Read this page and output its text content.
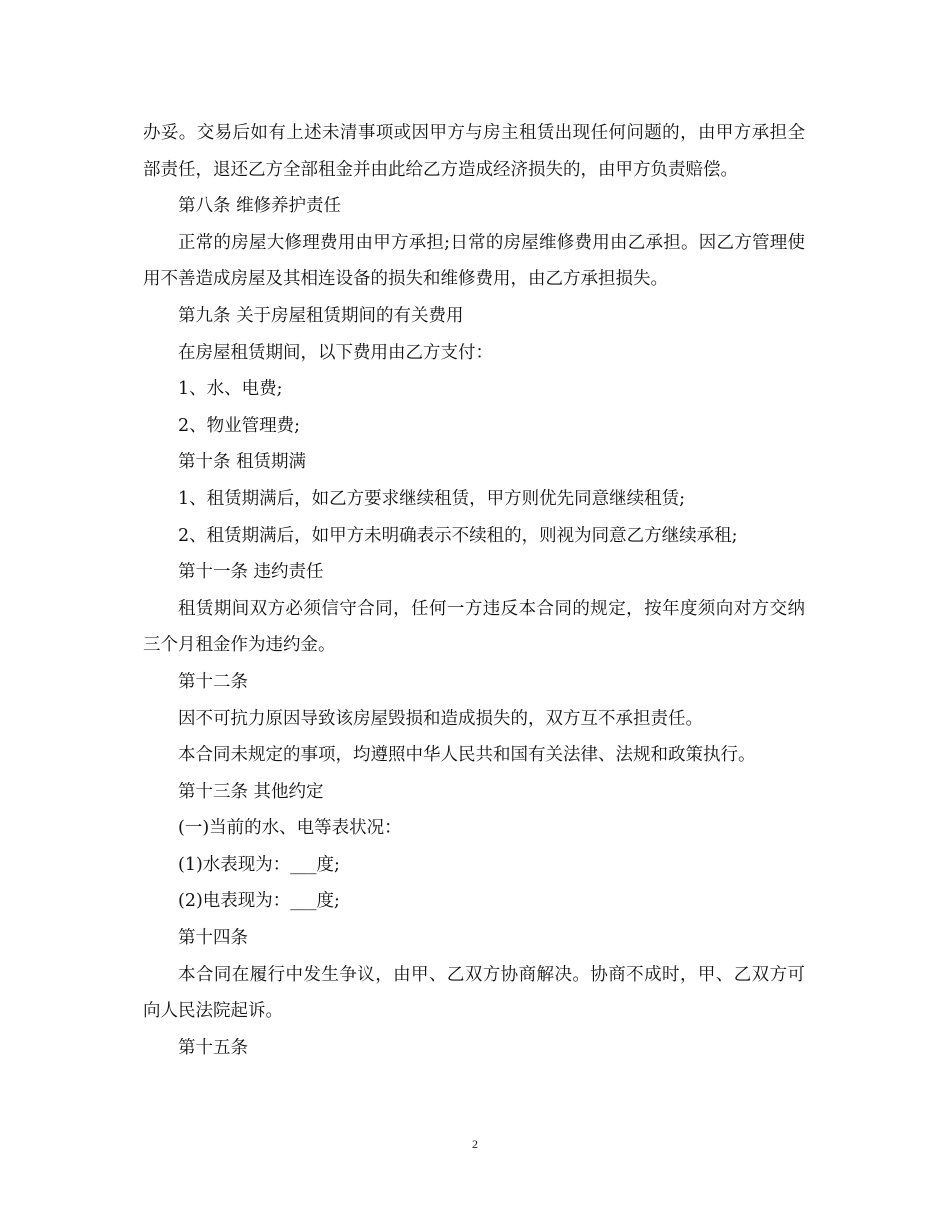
办妥。交易后如有上述未清事项或因甲方与房主租赁出现任何问题的，由甲方承担全部责任，退还乙方全部租金并由此给乙方造成经济损失的，由甲方负责赔偿。

第八条 维修养护责任

正常的房屋大修理费用由甲方承担;日常的房屋维修费用由乙承担。因乙方管理使用不善造成房屋及其相连设备的损失和维修费用，由乙方承担损失。

第九条 关于房屋租赁期间的有关费用

在房屋租赁期间，以下费用由乙方支付：

1、水、电费;

2、物业管理费;

第十条 租赁期满

1、租赁期满后，如乙方要求继续租赁，甲方则优先同意继续租赁;

2、租赁期满后，如甲方未明确表示不续租的，则视为同意乙方继续承租;

第十一条 违约责任

租赁期间双方必须信守合同，任何一方违反本合同的规定，按年度须向对方交纳三个月租金作为违约金。

第十二条

因不可抗力原因导致该房屋毁损和造成损失的，双方互不承担责任。

本合同未规定的事项，均遵照中华人民共和国有关法律、法规和政策执行。

第十三条 其他约定

(一)当前的水、电等表状况：

(1)水表现为：___度;

(2)电表现为：___度;

第十四条

本合同在履行中发生争议，由甲、乙双方协商解决。协商不成时，甲、乙双方可向人民法院起诉。

第十五条

2
